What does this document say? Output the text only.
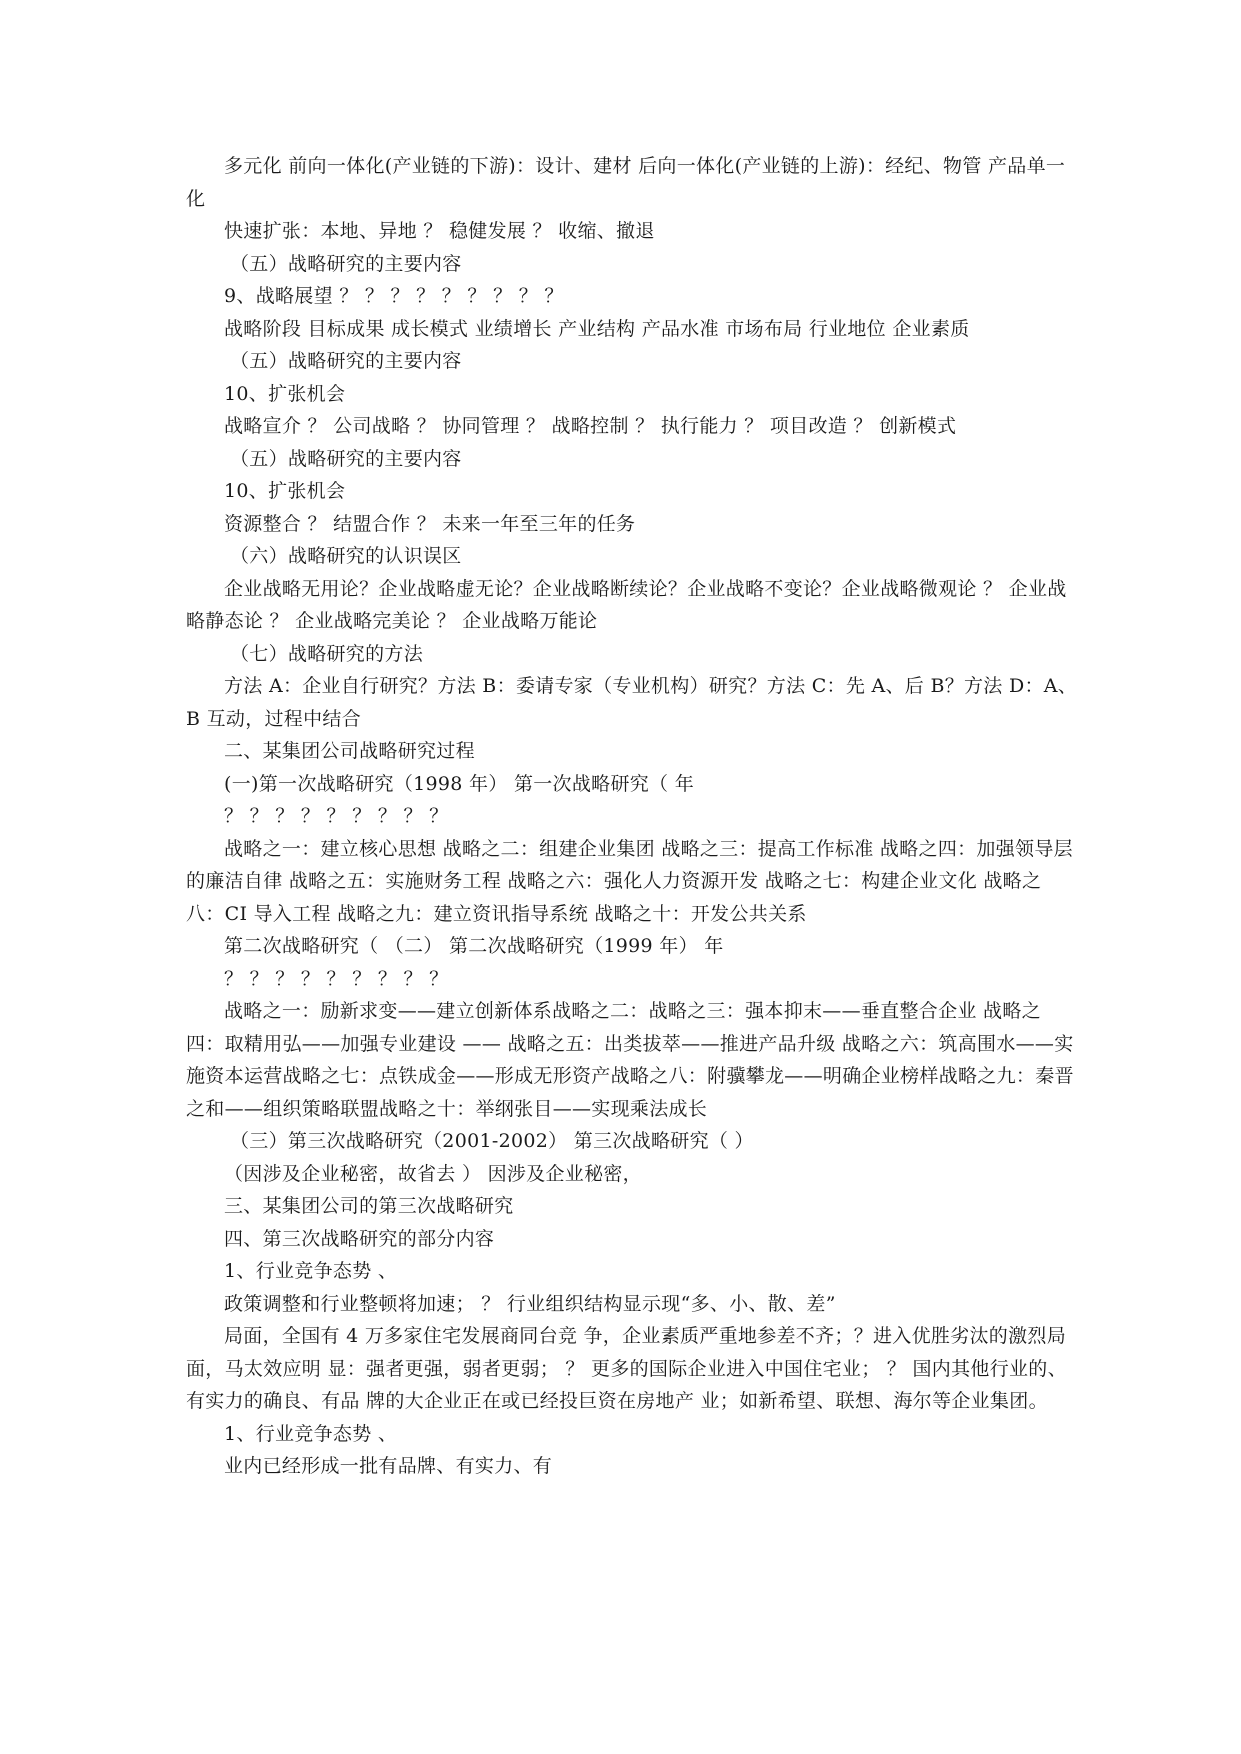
多元化 前向一体化(产业链的下游)：设计、建材 后向一体化(产业链的上游)：经纪、物管 产品单一化

快速扩张：本地、异地 ？ 稳健发展 ？ 收缩、撤退

（五）战略研究的主要内容

9、战略展望 ？ ？ ？ ？ ？ ？ ？ ？ ？

战略阶段 目标成果 成长模式 业绩增长 产业结构 产品水准 市场布局 行业地位 企业素质

（五）战略研究的主要内容

10、扩张机会

战略宣介 ？ 公司战略 ？ 协同管理 ？ 战略控制 ？ 执行能力 ？ 项目改造 ？ 创新模式

（五）战略研究的主要内容

10、扩张机会

资源整合 ？ 结盟合作 ？ 未来一年至三年的任务

（六）战略研究的认识误区

企业战略无用论？企业战略虚无论？企业战略断续论？企业战略不变论？企业战略微观论 ？ 企业战略静态论 ？ 企业战略完美论 ？ 企业战略万能论

（七）战略研究的方法

方法 A：企业自行研究？方法 B：委请专家（专业机构）研究？方法 C：先 A、后 B？方法 D：A、B 互动，过程中结合

二、某集团公司战略研究过程

(一)第一次战略研究（1998 年） 第一次战略研究（ 年

？ ？ ？ ？ ？ ？ ？ ？ ？

战略之一：建立核心思想 战略之二：组建企业集团 战略之三：提高工作标准 战略之四：加强领导层的廉洁自律 战略之五：实施财务工程 战略之六：强化人力资源开发 战略之七：构建企业文化 战略之八：CI 导入工程 战略之九：建立资讯指导系统 战略之十：开发公共关系

第二次战略研究（ （二） 第二次战略研究（1999 年） 年

？ ？ ？ ？ ？ ？ ？ ？ ？

战略之一：励新求变——建立创新体系战略之二：战略之三：强本抑末——垂直整合企业 战略之四：取精用弘——加强专业建设 —— 战略之五：出类拔萃——推进产品升级 战略之六：筑高围水——实施资本运营战略之七：点铁成金——形成无形资产战略之八：附骥攀龙——明确企业榜样战略之九：秦晋之和——组织策略联盟战略之十：举纲张目——实现乘法成长

（三）第三次战略研究（2001-2002） 第三次战略研究（ ）

（因涉及企业秘密，故省去 ） 因涉及企业秘密，

三、某集团公司的第三次战略研究

四、第三次战略研究的部分内容

1、行业竞争态势 、

政策调整和行业整顿将加速； ？ 行业组织结构显示现“多、小、散、差”

局面，全国有 4 万多家住宅发展商同台竞 争，企业素质严重地参差不齐；？进入优胜劣汰的激烈局面，马太效应明 显：强者更强，弱者更弱； ？ 更多的国际企业进入中国住宅业； ？ 国内其他行业的、有实力的确良、有品 牌的大企业正在或已经投巨资在房地产 业；如新希望、联想、海尔等企业集团。

1、行业竞争态势 、

业内已经形成一批有品牌、有实力、有
